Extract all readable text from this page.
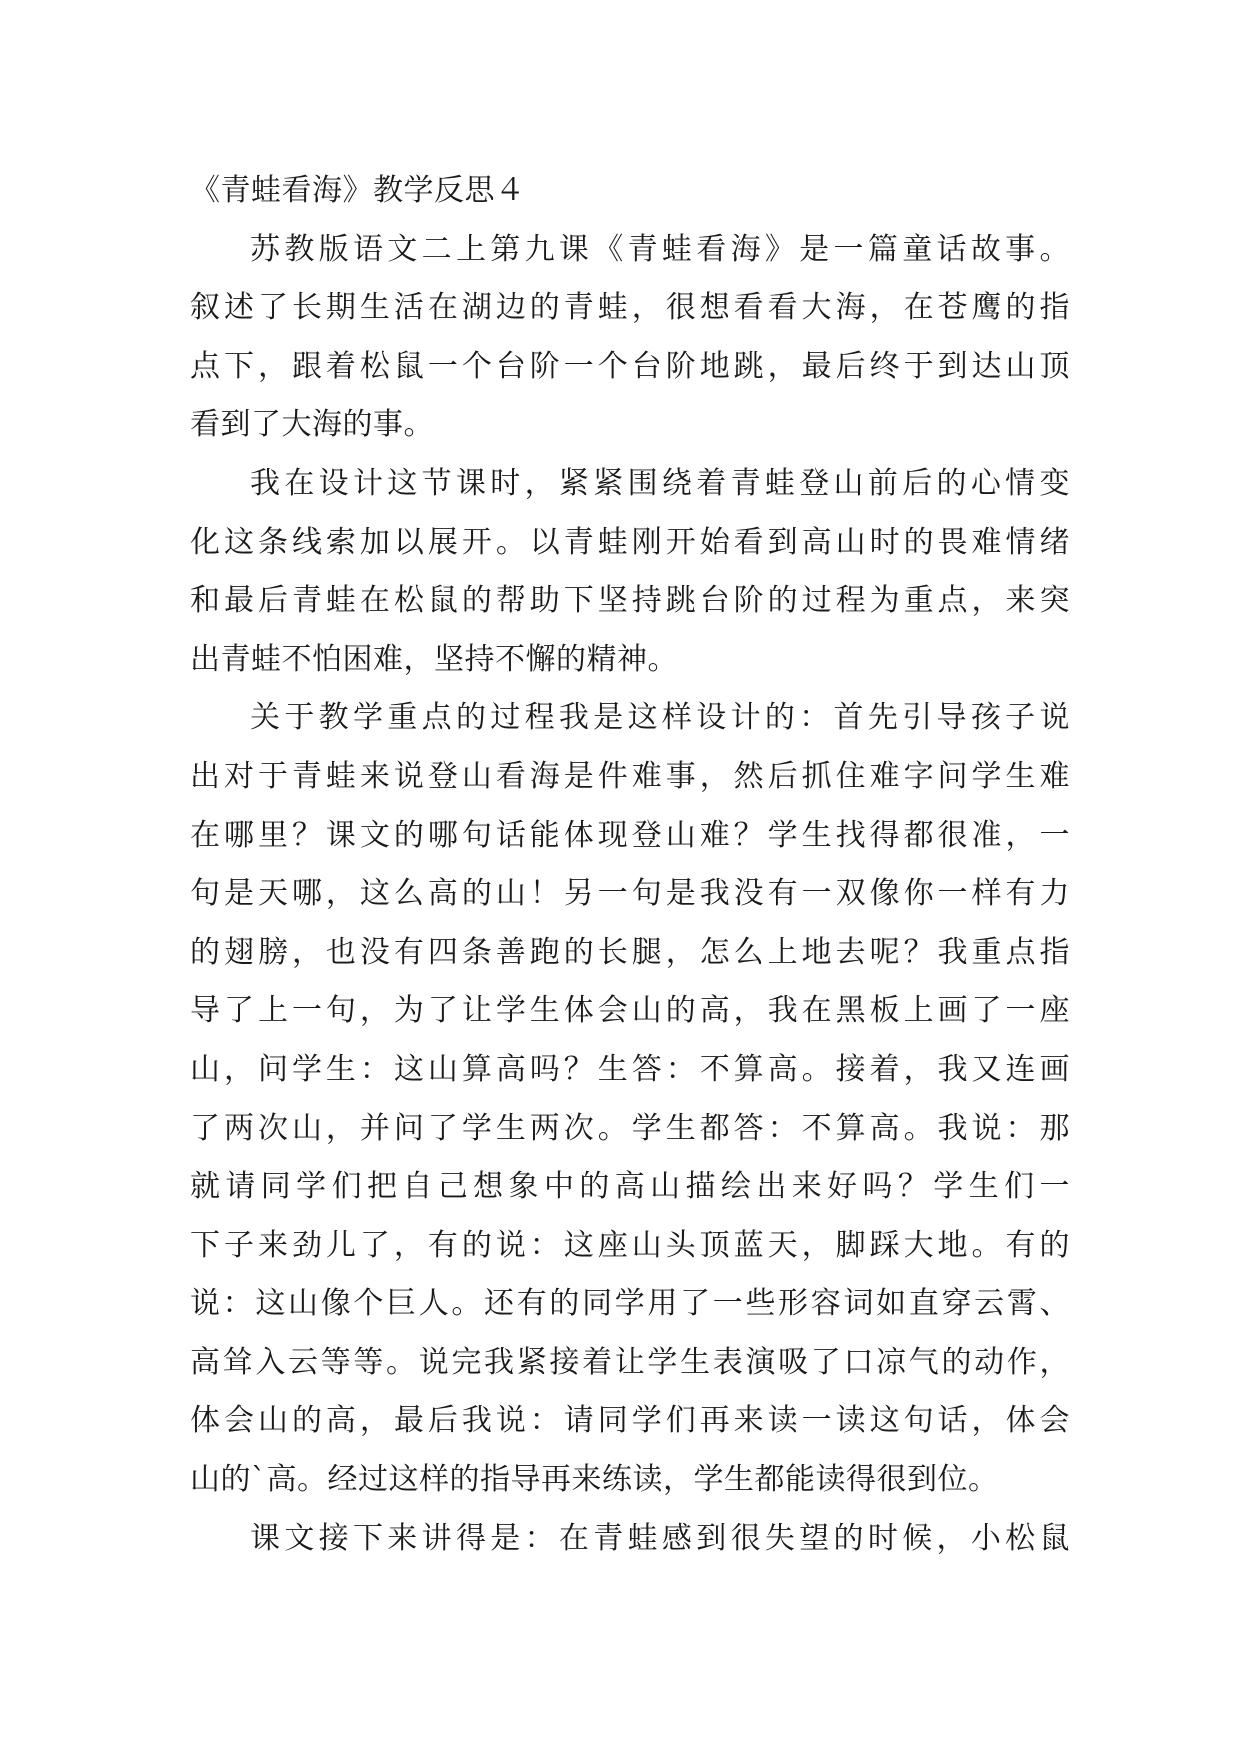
《青蛙看海》教学反思４

苏教版语文二上第九课《青蛙看海》是一篇童话故事。
叙述了长期生活在湖边的青蛙，很想看看大海，在苍鹰的指
点下，跟着松鼠一个台阶一个台阶地跳，最后终于到达山顶
看到了大海的事。

我在设计这节课时，紧紧围绕着青蛙登山前后的心情变
化这条线索加以展开。以青蛙刚开始看到高山时的畏难情绪
和最后青蛙在松鼠的帮助下坚持跳台阶的过程为重点，来突
出青蛙不怕困难，坚持不懈的精神。

关于教学重点的过程我是这样设计的：首先引导孩子说
出对于青蛙来说登山看海是件难事，然后抓住难字问学生难
在哪里？课文的哪句话能体现登山难？学生找得都很准，一
句是天哪，这么高的山！另一句是我没有一双像你一样有力
的翅膀，也没有四条善跑的长腿，怎么上地去呢？我重点指
导了上一句，为了让学生体会山的高，我在黑板上画了一座
山，问学生：这山算高吗？生答：不算高。接着，我又连画
了两次山，并问了学生两次。学生都答：不算高。我说：那
就请同学们把自己想象中的高山描绘出来好吗？学生们一
下子来劲儿了，有的说：这座山头顶蓝天，脚踩大地。有的
说：这山像个巨人。还有的同学用了一些形容词如直穿云霄、
高耸入云等等。说完我紧接着让学生表演吸了口凉气的动作，
体会山的高，最后我说：请同学们再来读一读这句话，体会
山的`高。经过这样的指导再来练读，学生都能读得很到位。

课文接下来讲得是：在青蛙感到很失望的时候，小松鼠
